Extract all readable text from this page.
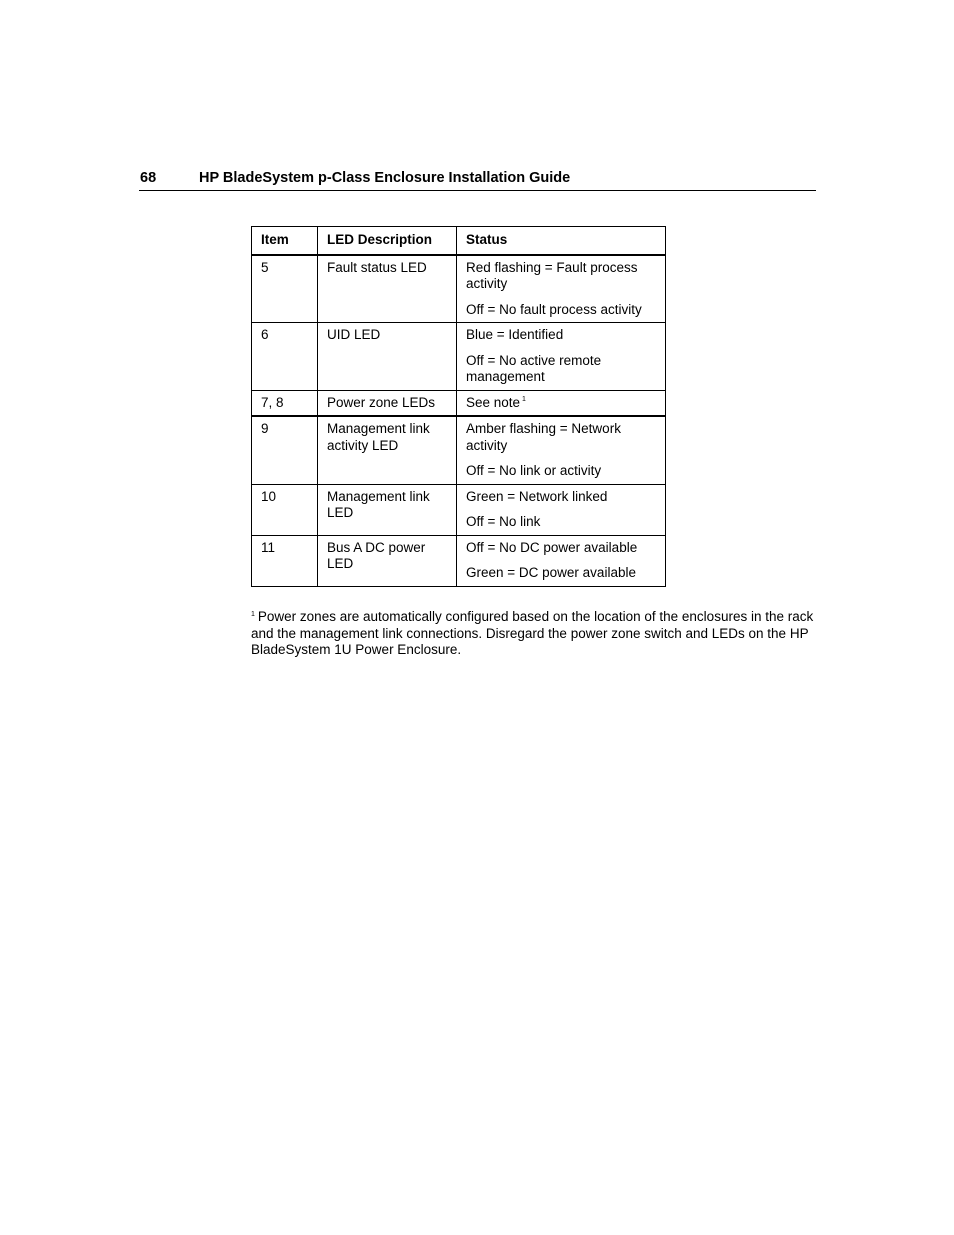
68	HP BladeSystem p-Class Enclosure Installation Guide
Item	LED Description	Status
5	Fault status LED	Red flashing = Fault process activity
Off = No fault process activity

6	UID LED	Blue = Identified
Off = No active remote management

7, 8	Power zone LEDs	See note $^1$
9	Management link activity LED	Amber flashing = Network activity
Off = No link or activity

10	Management link LED	Green = Network linked
Off = No link

11	Bus A DC power LED	Off = No DC power available
Green = DC power available
$^1$ Power zones are automatically configured based on the location of the enclosures in the rack and the management link connections. Disregard the power zone switch and LEDs on the HP BladeSystem 1U Power Enclosure.
